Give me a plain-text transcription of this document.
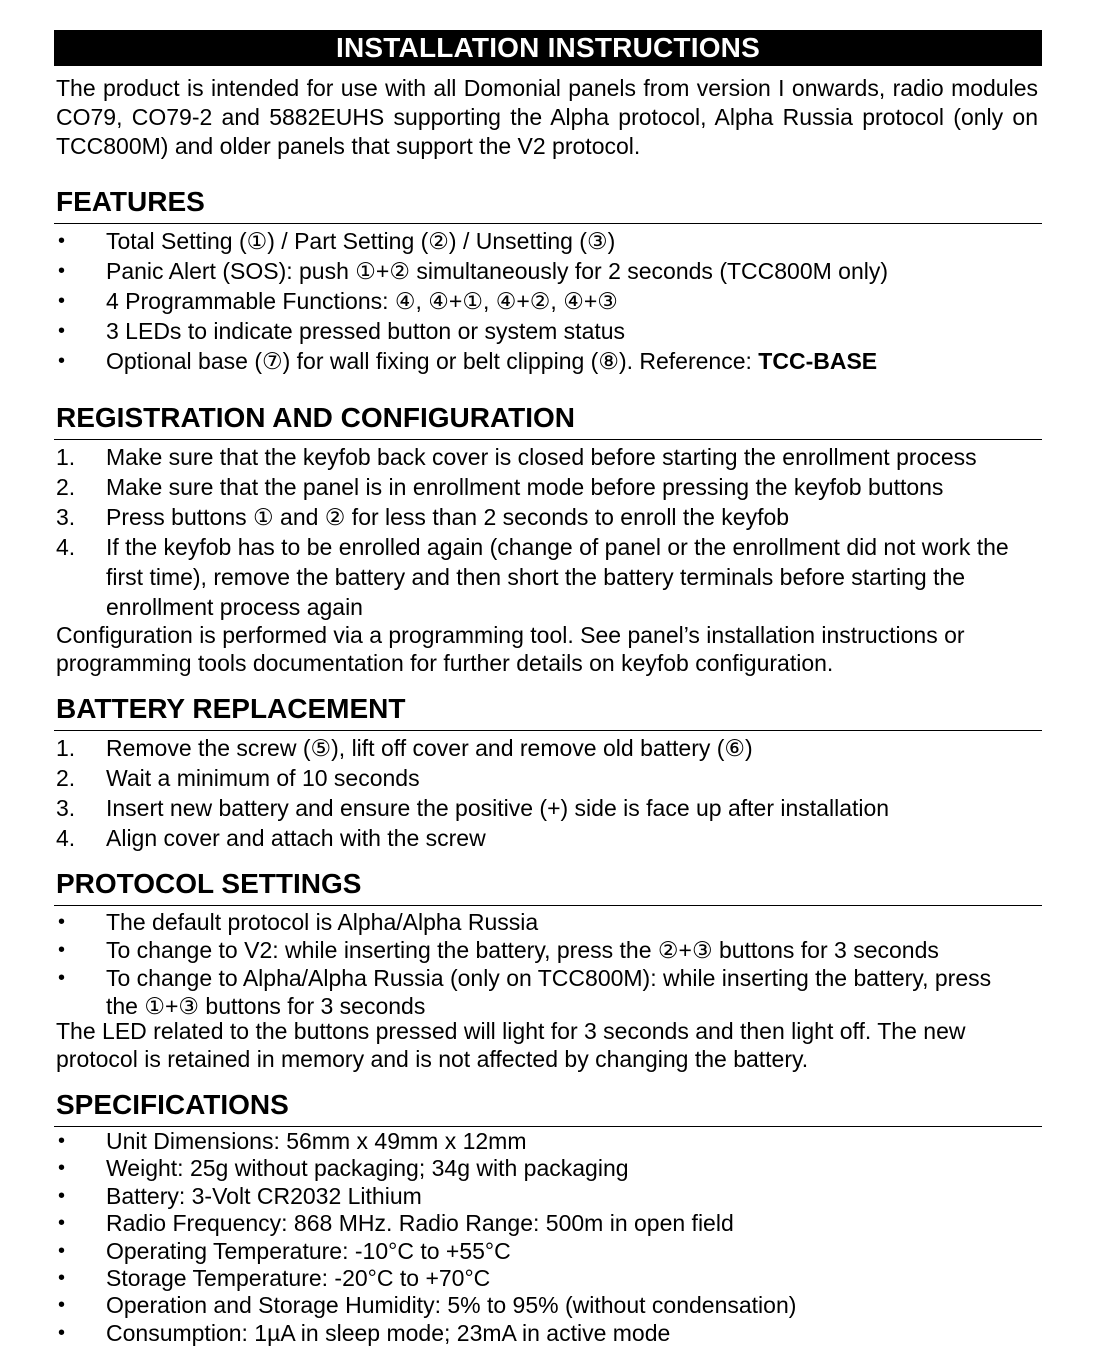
INSTALLATION INSTRUCTIONS
The product is intended for use with all Domonial panels from version I onwards, radio modules CO79, CO79-2 and 5882EUHS supporting the Alpha protocol, Alpha Russia protocol (only on TCC800M) and older panels that support the V2 protocol.
FEATURES
•	Total Setting (①) / Part Setting (②) / Unsetting (③)
•	Panic Alert (SOS): push ①+② simultaneously for 2 seconds (TCC800M only)
•	4 Programmable Functions: ④, ④+①, ④+②, ④+③
•	3 LEDs to indicate pressed button or system status
•	Optional base (⑦) for wall fixing or belt clipping (⑧). Reference: TCC-BASE
REGISTRATION AND CONFIGURATION
1.	Make sure that the keyfob back cover is closed before starting the enrollment process
2.	Make sure that the panel is in enrollment mode before pressing the keyfob buttons
3.	Press buttons ① and ② for less than 2 seconds to enroll the keyfob
4.	If the keyfob has to be enrolled again (change of panel or the enrollment did not work the first time), remove the battery and then short the battery terminals before starting the enrollment process again
Configuration is performed via a programming tool. See panel’s installation instructions or programming tools documentation for further details on keyfob configuration.
BATTERY REPLACEMENT
1.	Remove the screw (⑤), lift off cover and remove old battery (⑥)
2.	Wait a minimum of 10 seconds
3.	Insert new battery and ensure the positive (+) side is face up after installation
4.	Align cover and attach with the screw
PROTOCOL SETTINGS
•	The default protocol is Alpha/Alpha Russia
•	To change to V2: while inserting the battery, press the ②+③ buttons for 3 seconds
•	To change to Alpha/Alpha Russia (only on TCC800M): while inserting the battery, press the ①+③ buttons for 3 seconds
The LED related to the buttons pressed will light for 3 seconds and then light off. The new protocol is retained in memory and is not affected by changing the battery.
SPECIFICATIONS
•	Unit Dimensions: 56mm x 49mm x 12mm
•	Weight: 25g without packaging; 34g with packaging
•	Battery: 3-Volt CR2032 Lithium
•	Radio Frequency: 868 MHz. Radio Range: 500m in open field
•	Operating Temperature: -10°C to +55°C
•	Storage Temperature: -20°C to +70°C
•	Operation and Storage Humidity: 5% to 95% (without condensation)
•	Consumption: 1µA in sleep mode; 23mA in active mode
